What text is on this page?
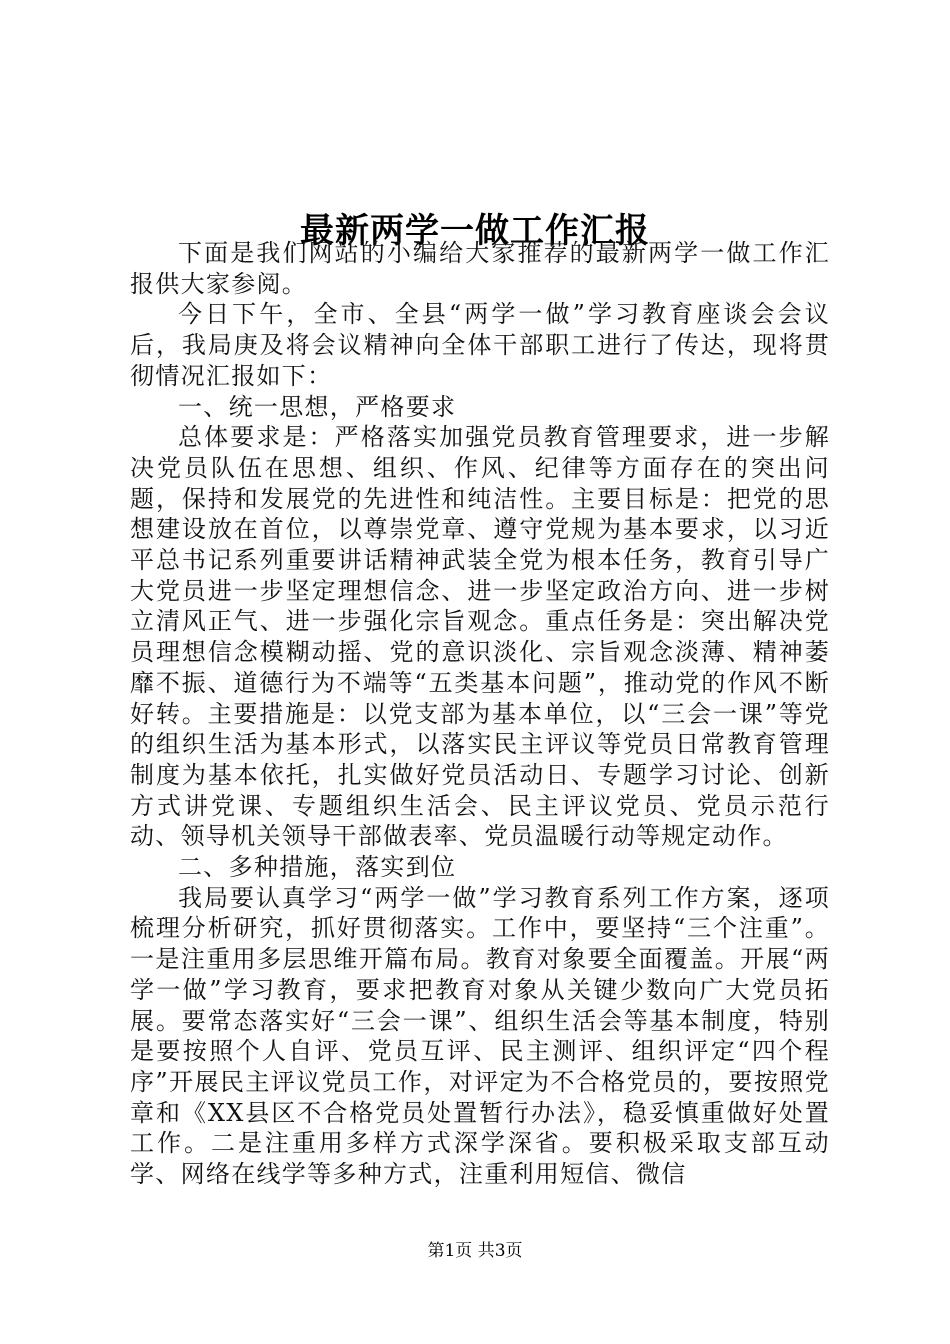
最新两学一做工作汇报

下面是我们网站的小编给大家推荐的最新两学一做工作汇报供大家参阅。

今日下午，全市、全县“两学一做”学习教育座谈会会议后，我局庚及将会议精神向全体干部职工进行了传达，现将贯彻情况汇报如下：

一、统一思想，严格要求

总体要求是：严格落实加强党员教育管理要求，进一步解决党员队伍在思想、组织、作风、纪律等方面存在的突出问题，保持和发展党的先进性和纯洁性。主要目标是：把党的思想建设放在首位，以尊崇党章、遵守党规为基本要求，以习近平总书记系列重要讲话精神武装全党为根本任务，教育引导广大党员进一步坚定理想信念、进一步坚定政治方向、进一步树立清风正气、进一步强化宗旨观念。重点任务是：突出解决党员理想信念模糊动摇、党的意识淡化、宗旨观念淡薄、精神萎靡不振、道德行为不端等“五类基本问题”，推动党的作风不断好转。主要措施是：以党支部为基本单位，以“三会一课”等党的组织生活为基本形式，以落实民主评议等党员日常教育管理制度为基本依托，扎实做好党员活动日、专题学习讨论、创新方式讲党课、专题组织生活会、民主评议党员、党员示范行动、领导机关领导干部做表率、党员温暖行动等规定动作。

二、多种措施，落实到位

我局要认真学习“两学一做”学习教育系列工作方案，逐项梳理分析研究，抓好贯彻落实。工作中，要坚持“三个注重”。一是注重用多层思维开篇布局。教育对象要全面覆盖。开展“两学一做”学习教育，要求把教育对象从关键少数向广大党员拓展。要常态落实好“三会一课”、组织生活会等基本制度，特别是要按照个人自评、党员互评、民主测评、组织评定“四个程序”开展民主评议党员工作，对评定为不合格党员的，要按照党章和《XX县区不合格党员处置暂行办法》，稳妥慎重做好处置工作。二是注重用多样方式深学深省。要积极采取支部互动学、网络在线学等多种方式，注重利用短信、微信

第1页 共3页
